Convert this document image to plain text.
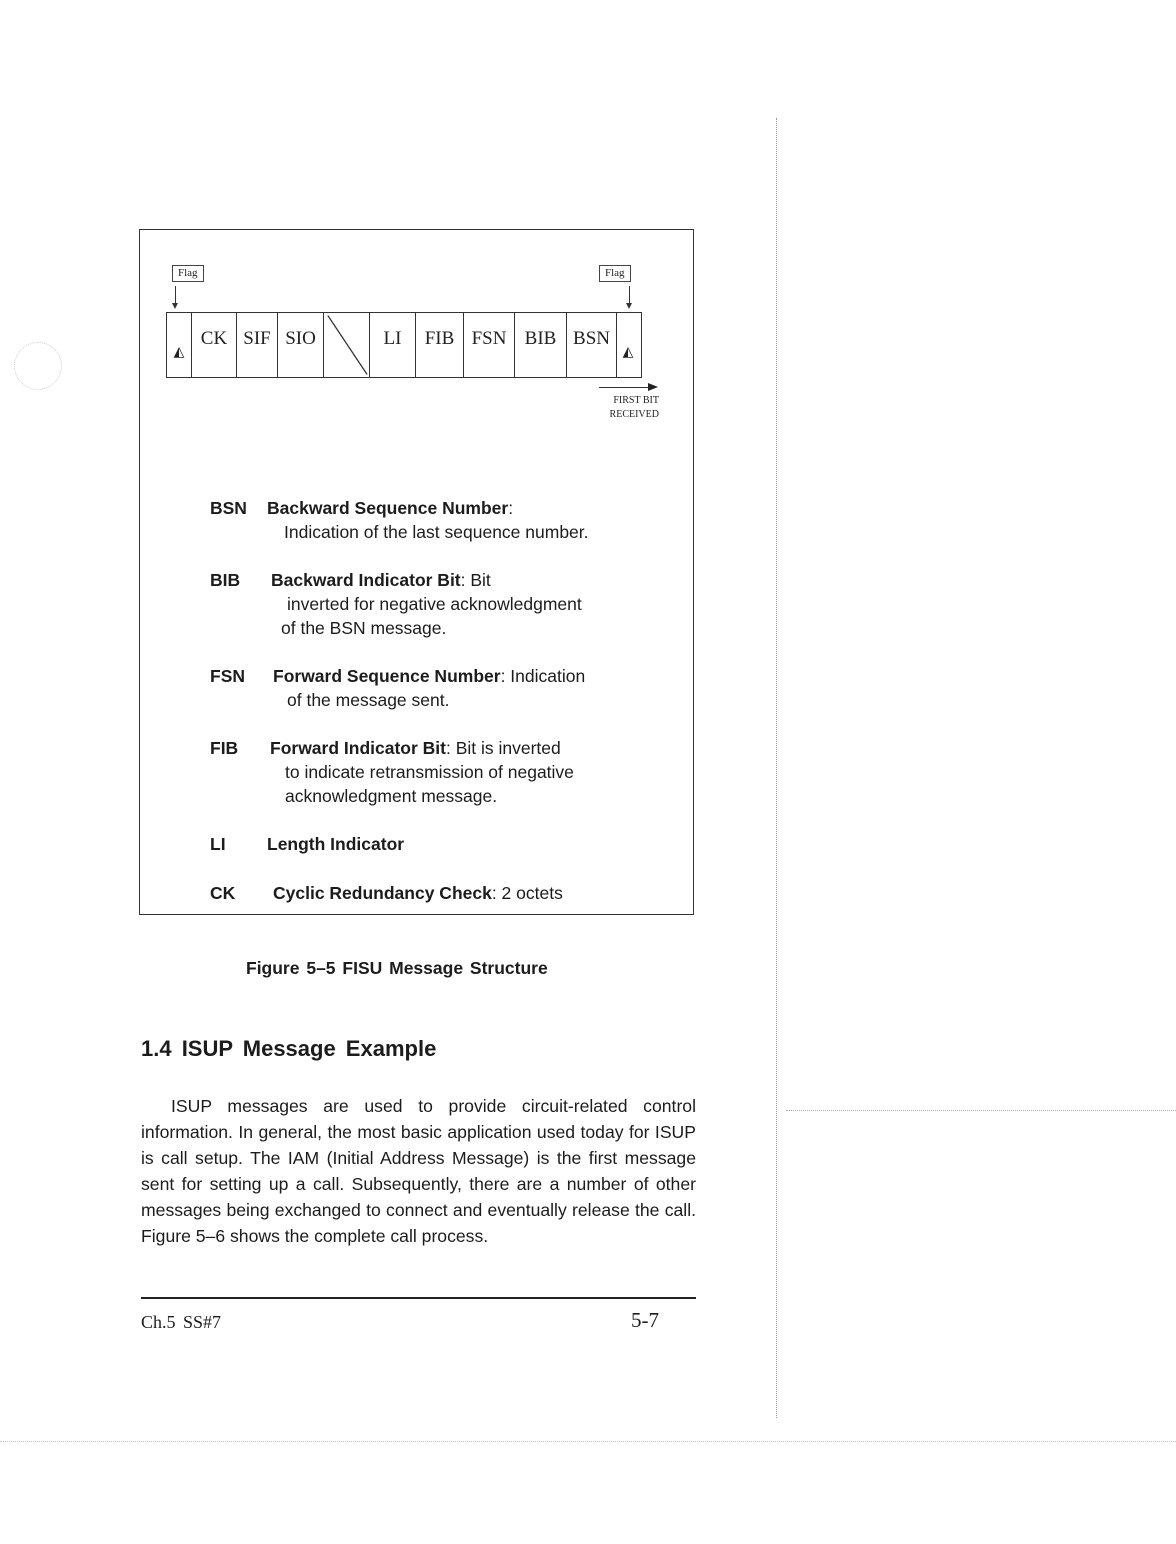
Flag	Flag
◭
CK SIF SIO	LI	FIB FSN BIB BSN
◭
FIRST BIT
RECEIVED
BSN	Backward Sequence Number:
Indication of the last sequence number.
BIB	Backward Indicator Bit: Bit
inverted for negative acknowledgment
of the BSN message.
FSN	Forward Sequence Number: Indication
of the message sent.
FIB	Forward Indicator Bit: Bit is inverted
to indicate retransmission of negative
acknowledgment message.
LI	Length Indicator
CK	Cyclic Redundancy Check: 2 octets
Figure 5–5 FISU Message Structure
1.4 ISUP Message Example
ISUP messages are used to provide circuit-related control information. In general, the most basic application used today for ISUP is call setup. The IAM (Initial Address Message) is the first message sent for setting up a call. Subsequently, there are a number of other messages being exchanged to connect and eventually release the call. Figure 5–6 shows the complete call process.
Ch.5 SS#7	5-7
